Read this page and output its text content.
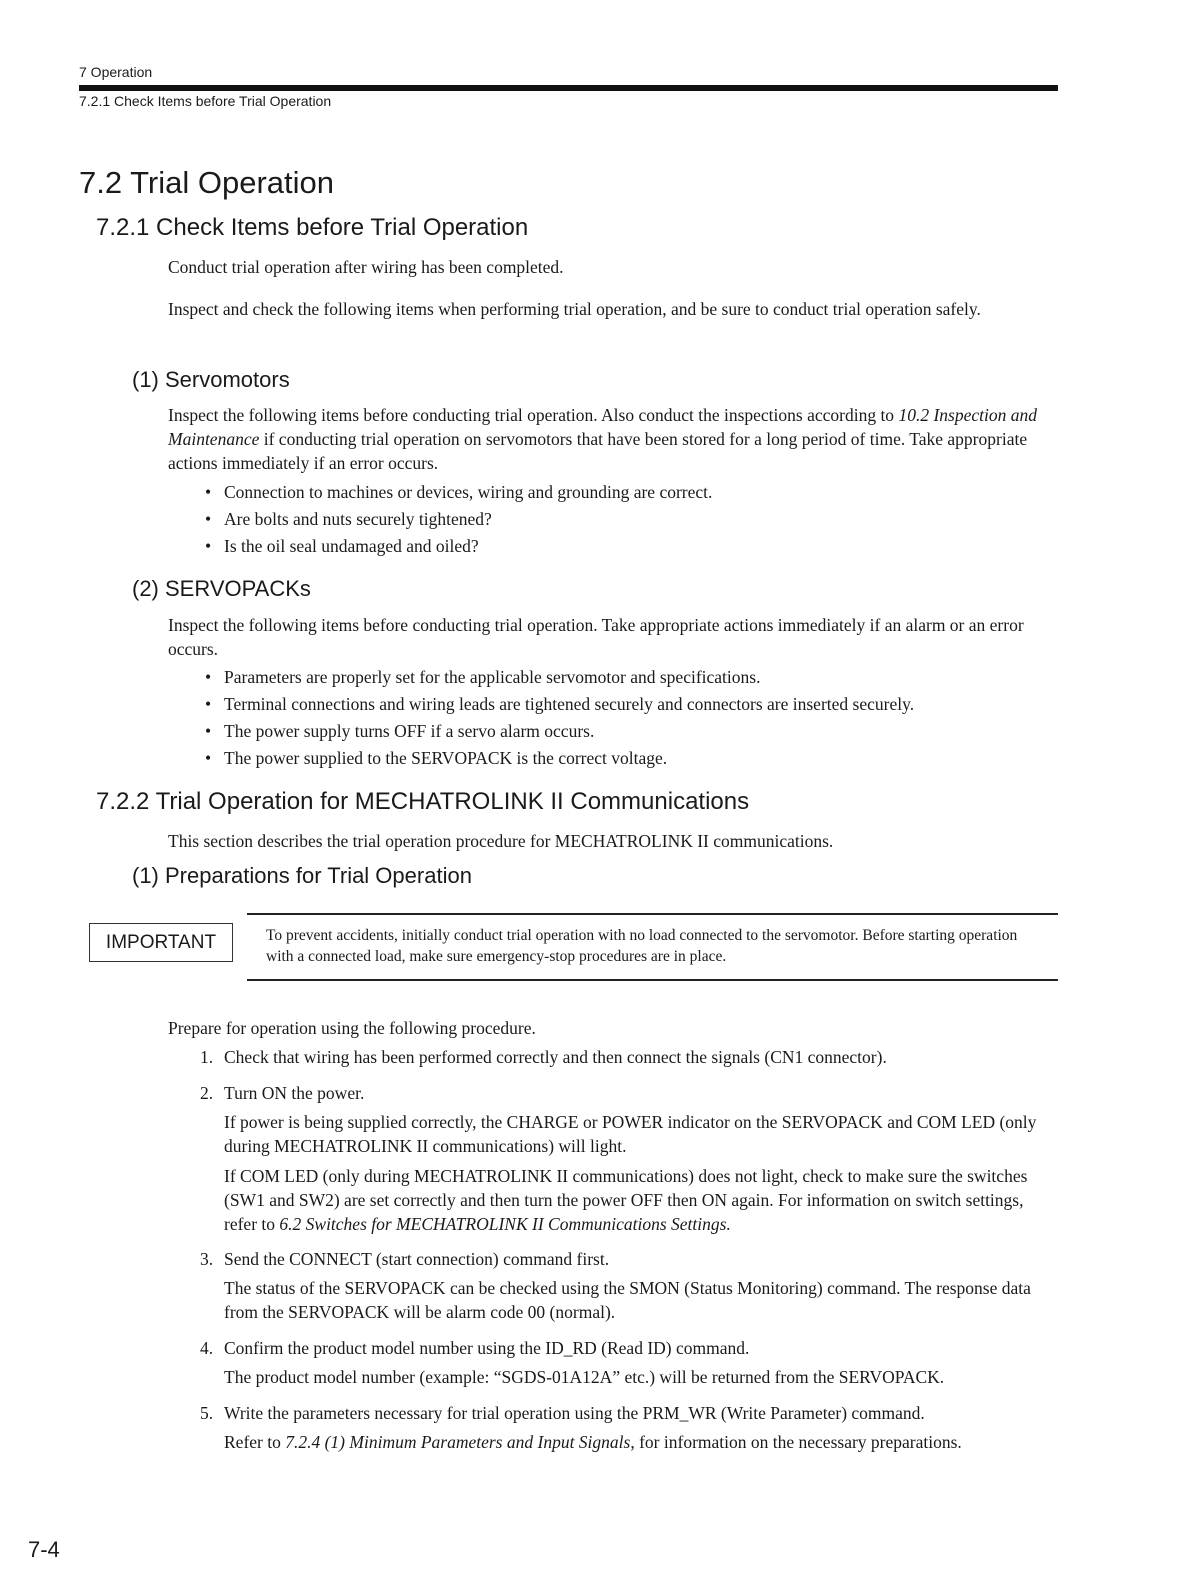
7 Operation
7.2.1 Check Items before Trial Operation
7.2 Trial Operation
7.2.1 Check Items before Trial Operation
Conduct trial operation after wiring has been completed.
Inspect and check the following items when performing trial operation, and be sure to conduct trial operation safely.
(1) Servomotors
Inspect the following items before conducting trial operation. Also conduct the inspections according to 10.2 Inspection and Maintenance if conducting trial operation on servomotors that have been stored for a long period of time. Take appropriate actions immediately if an error occurs.
• Connection to machines or devices, wiring and grounding are correct.
• Are bolts and nuts securely tightened?
• Is the oil seal undamaged and oiled?
(2) SERVOPACKs
Inspect the following items before conducting trial operation. Take appropriate actions immediately if an alarm or an error occurs.
• Parameters are properly set for the applicable servomotor and specifications.
• Terminal connections and wiring leads are tightened securely and connectors are inserted securely.
• The power supply turns OFF if a servo alarm occurs.
• The power supplied to the SERVOPACK is the correct voltage.
7.2.2 Trial Operation for MECHATROLINK II Communications
This section describes the trial operation procedure for MECHATROLINK II communications.
(1) Preparations for Trial Operation
IMPORTANT	To prevent accidents, initially conduct trial operation with no load connected to the servomotor. Before starting operation with a connected load, make sure emergency-stop procedures are in place.
Prepare for operation using the following procedure.
1. Check that wiring has been performed correctly and then connect the signals (CN1 connector).
2. Turn ON the power.
If power is being supplied correctly, the CHARGE or POWER indicator on the SERVOPACK and COM LED (only during MECHATROLINK II communications) will light.
If COM LED (only during MECHATROLINK II communications) does not light, check to make sure the switches (SW1 and SW2) are set correctly and then turn the power OFF then ON again. For information on switch settings, refer to 6.2 Switches for MECHATROLINK II Communications Settings.
3. Send the CONNECT (start connection) command first.
The status of the SERVOPACK can be checked using the SMON (Status Monitoring) command. The response data from the SERVOPACK will be alarm code 00 (normal).
4. Confirm the product model number using the ID_RD (Read ID) command.
The product model number (example: “SGDS-01A12A” etc.) will be returned from the SERVOPACK.
5. Write the parameters necessary for trial operation using the PRM_WR (Write Parameter) command.
Refer to 7.2.4 (1) Minimum Parameters and Input Signals, for information on the necessary preparations.
7-4
